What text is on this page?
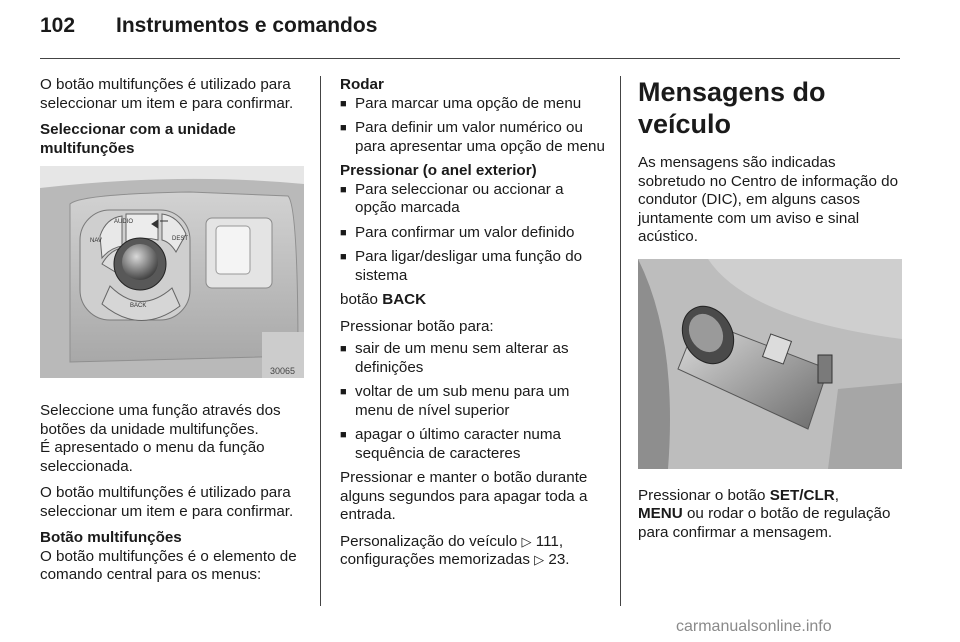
102 Instrumentos e comandos

O botão multifunções é utilizado para seleccionar um item e para confirmar.

Seleccionar com a unidade multifunções
AUDIO
NAV	DEST
BACK
30065

Seleccione uma função através dos botões da unidade multifunções.

É apresentado o menu da função seleccionada.

O botão multifunções é utilizado para seleccionar um item e para confirmar.

Botão multifunções

O botão multifunções é o elemento de comando central para os menus:

Rodar
■ Para marcar uma opção de menu
■ Para definir um valor numérico ou para apresentar uma opção de menu
Pressionar (o anel exterior)
■ Para seleccionar ou accionar a opção marcada
■ Para confirmar um valor definido
■ Para ligar/desligar uma função do sistema

botão BACK

Pressionar botão para:

■ sair de um menu sem alterar as definições
■ voltar de um sub menu para um menu de nível superior
■ apagar o último caracter numa sequência de caracteres

Pressionar e manter o botão durante alguns segundos para apagar toda a entrada.

Personalização do veículo ▷ 111,
configurações memorizadas ▷ 23.

Mensagens do veículo

As mensagens são indicadas sobretudo no Centro de informação do condutor (DIC), em alguns casos juntamente com um aviso e sinal acústico.

Pressionar o botão SET/CLR,
MENU ou rodar o botão de regulação para confirmar a mensagem.

carmanualsonline.info
